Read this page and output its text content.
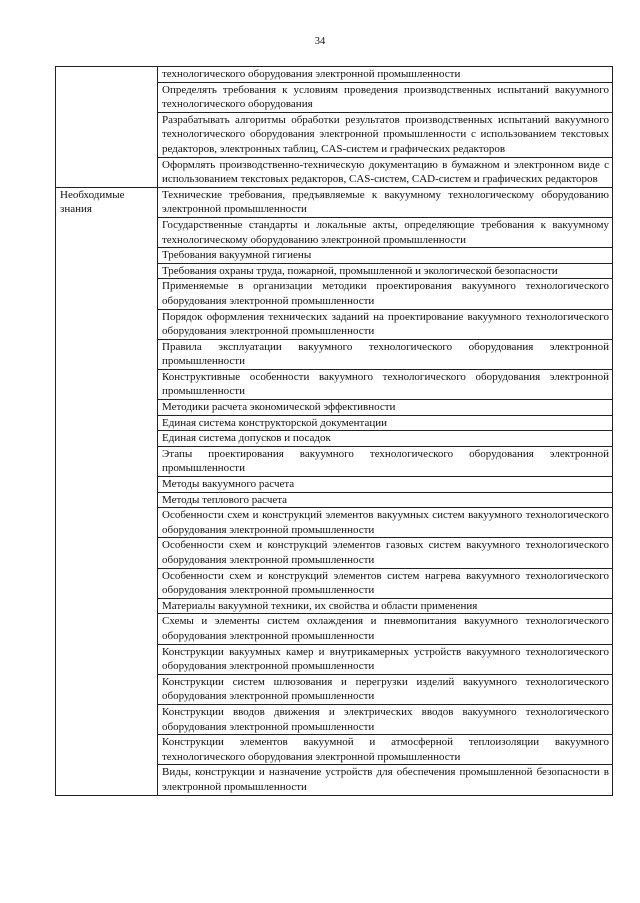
34
	технологического оборудования электронной промышленности
	Определять требования к условиям проведения производственных испытаний вакуумного технологического оборудования
	Разрабатывать алгоритмы обработки результатов производственных испытаний вакуумного технологического оборудования электронной промышленности с использованием текстовых редакторов, электронных таблиц, CAS-систем и графических редакторов
	Оформлять производственно-техническую документацию в бумажном и электронном виде с использованием текстовых редакторов, CAS-систем, CAD-систем и графических редакторов
Необходимые знания	Технические требования, предъявляемые к вакуумному технологическому оборудованию электронной промышленности
	Государственные стандарты и локальные акты, определяющие требования к вакуумному технологическому оборудованию электронной промышленности
	Требования вакуумной гигиены
	Требования охраны труда, пожарной, промышленной и экологической безопасности
	Применяемые в организации методики проектирования вакуумного технологического оборудования электронной промышленности
	Порядок оформления технических заданий на проектирование вакуумного технологического оборудования электронной промышленности
	Правила эксплуатации вакуумного технологического оборудования электронной промышленности
	Конструктивные особенности вакуумного технологического оборудования электронной промышленности
	Методики расчета экономической эффективности
	Единая система конструкторской документации
	Единая система допусков и посадок
	Этапы проектирования вакуумного технологического оборудования электронной промышленности
	Методы вакуумного расчета
	Методы теплового расчета
	Особенности схем и конструкций элементов вакуумных систем вакуумного технологического оборудования электронной промышленности
	Особенности схем и конструкций элементов газовых систем вакуумного технологического оборудования электронной промышленности
	Особенности схем и конструкций элементов систем нагрева вакуумного технологического оборудования электронной промышленности
	Материалы вакуумной техники, их свойства и области применения
	Схемы и элементы систем охлаждения и пневмопитания вакуумного технологического оборудования электронной промышленности
	Конструкции вакуумных камер и внутрикамерных устройств вакуумного технологического оборудования электронной промышленности
	Конструкции систем шлюзования и перегрузки изделий вакуумного технологического оборудования электронной промышленности
	Конструкции вводов движения и электрических вводов вакуумного технологического оборудования электронной промышленности
	Конструкции элементов вакуумной и атмосферной теплоизоляции вакуумного технологического оборудования электронной промышленности
	Виды, конструкции и назначение устройств для обеспечения промышленной безопасности в электронной промышленности
